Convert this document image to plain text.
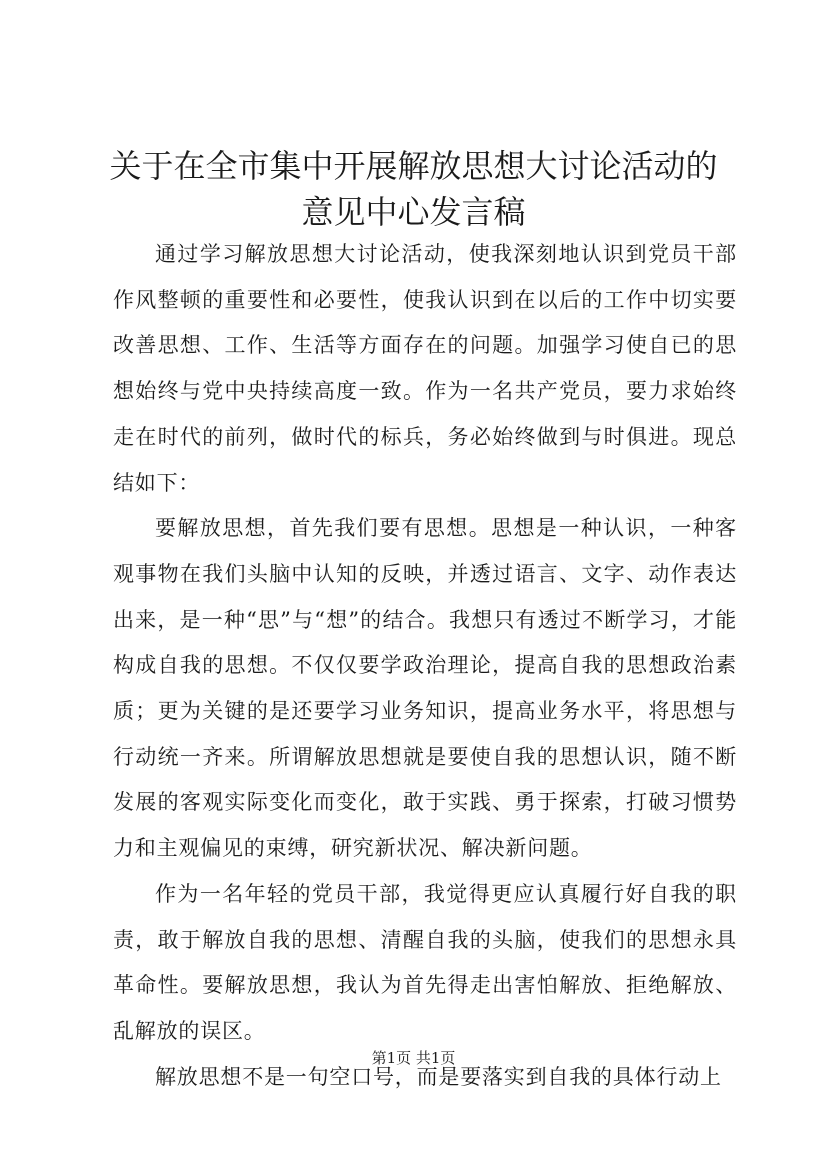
关于在全市集中开展解放思想大讨论活动的意见中心发言稿

通过学习解放思想大讨论活动，使我深刻地认识到党员干部作风整顿的重要性和必要性，使我认识到在以后的工作中切实要改善思想、工作、生活等方面存在的问题。加强学习使自已的思想始终与党中央持续高度一致。作为一名共产党员，要力求始终走在时代的前列，做时代的标兵，务必始终做到与时俱进。现总结如下：

要解放思想，首先我们要有思想。思想是一种认识，一种客观事物在我们头脑中认知的反映，并透过语言、文字、动作表达出来，是一种“思”与“想”的结合。我想只有透过不断学习，才能构成自我的思想。不仅仅要学政治理论，提高自我的思想政治素质；更为关键的是还要学习业务知识，提高业务水平，将思想与行动统一齐来。所谓解放思想就是要使自我的思想认识，随不断发展的客观实际变化而变化，敢于实践、勇于探索，打破习惯势力和主观偏见的束缚，研究新状况、解决新问题。

作为一名年轻的党员干部，我觉得更应认真履行好自我的职责，敢于解放自我的思想、清醒自我的头脑，使我们的思想永具革命性。要解放思想，我认为首先得走出害怕解放、拒绝解放、乱解放的误区。

解放思想不是一句空口号，而是要落实到自我的具体行动上

第1页 共1页
